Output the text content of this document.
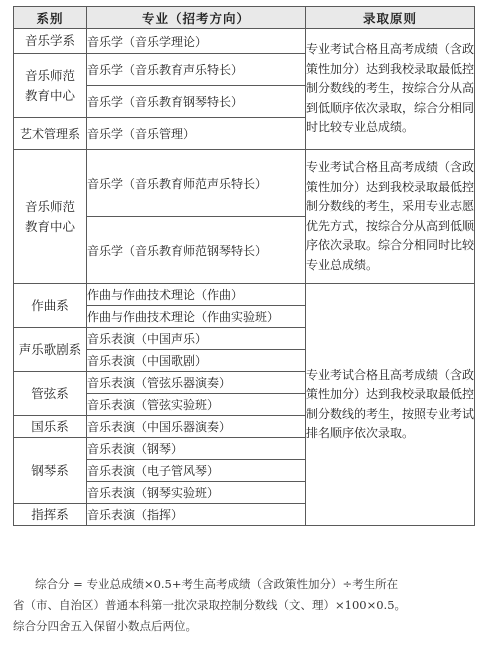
系别	专业（招考方向）	录取原则
音乐学系	音乐学（音乐学理论）	专业考试合格且高考成绩（含政策性加分）达到我校录取最低控制分数线的考生，按综合分从高到低顺序依次录取，综合分相同时比较专业总成绩。
音乐师范教育中心	音乐学（音乐教育声乐特长）	
	音乐学（音乐教育钢琴特长）	
艺术管理系	音乐学（音乐管理）	
音乐师范教育中心	音乐学（音乐教育师范声乐特长）	专业考试合格且高考成绩（含政策性加分）达到我校录取最低控制分数线的考生，采用专业志愿优先方式，按综合分从高到低顺序依次录取。综合分相同时比较专业总成绩。
	音乐学（音乐教育师范钢琴特长）	
作曲系	作曲与作曲技术理论（作曲）	专业考试合格且高考成绩（含政策性加分）达到我校录取最低控制分数线的考生，按照专业考试排名顺序依次录取。
	作曲与作曲技术理论（作曲实验班）	
声乐歌剧系	音乐表演（中国声乐）	
	音乐表演（中国歌剧）	
管弦系	音乐表演（管弦乐器演奏）	
	音乐表演（管弦实验班）	
国乐系	音乐表演（中国乐器演奏）	
钢琴系	音乐表演（钢琴）	
	音乐表演（电子管风琴）	
	音乐表演（钢琴实验班）	
指挥系	音乐表演（指挥）	

综合分 = 专业总成绩×0.5+考生高考成绩（含政策性加分）÷考生所在

省（市、自治区）普通本科第一批次录取控制分数线（文、理）×100×0.5。

综合分四舍五入保留小数点后两位。
